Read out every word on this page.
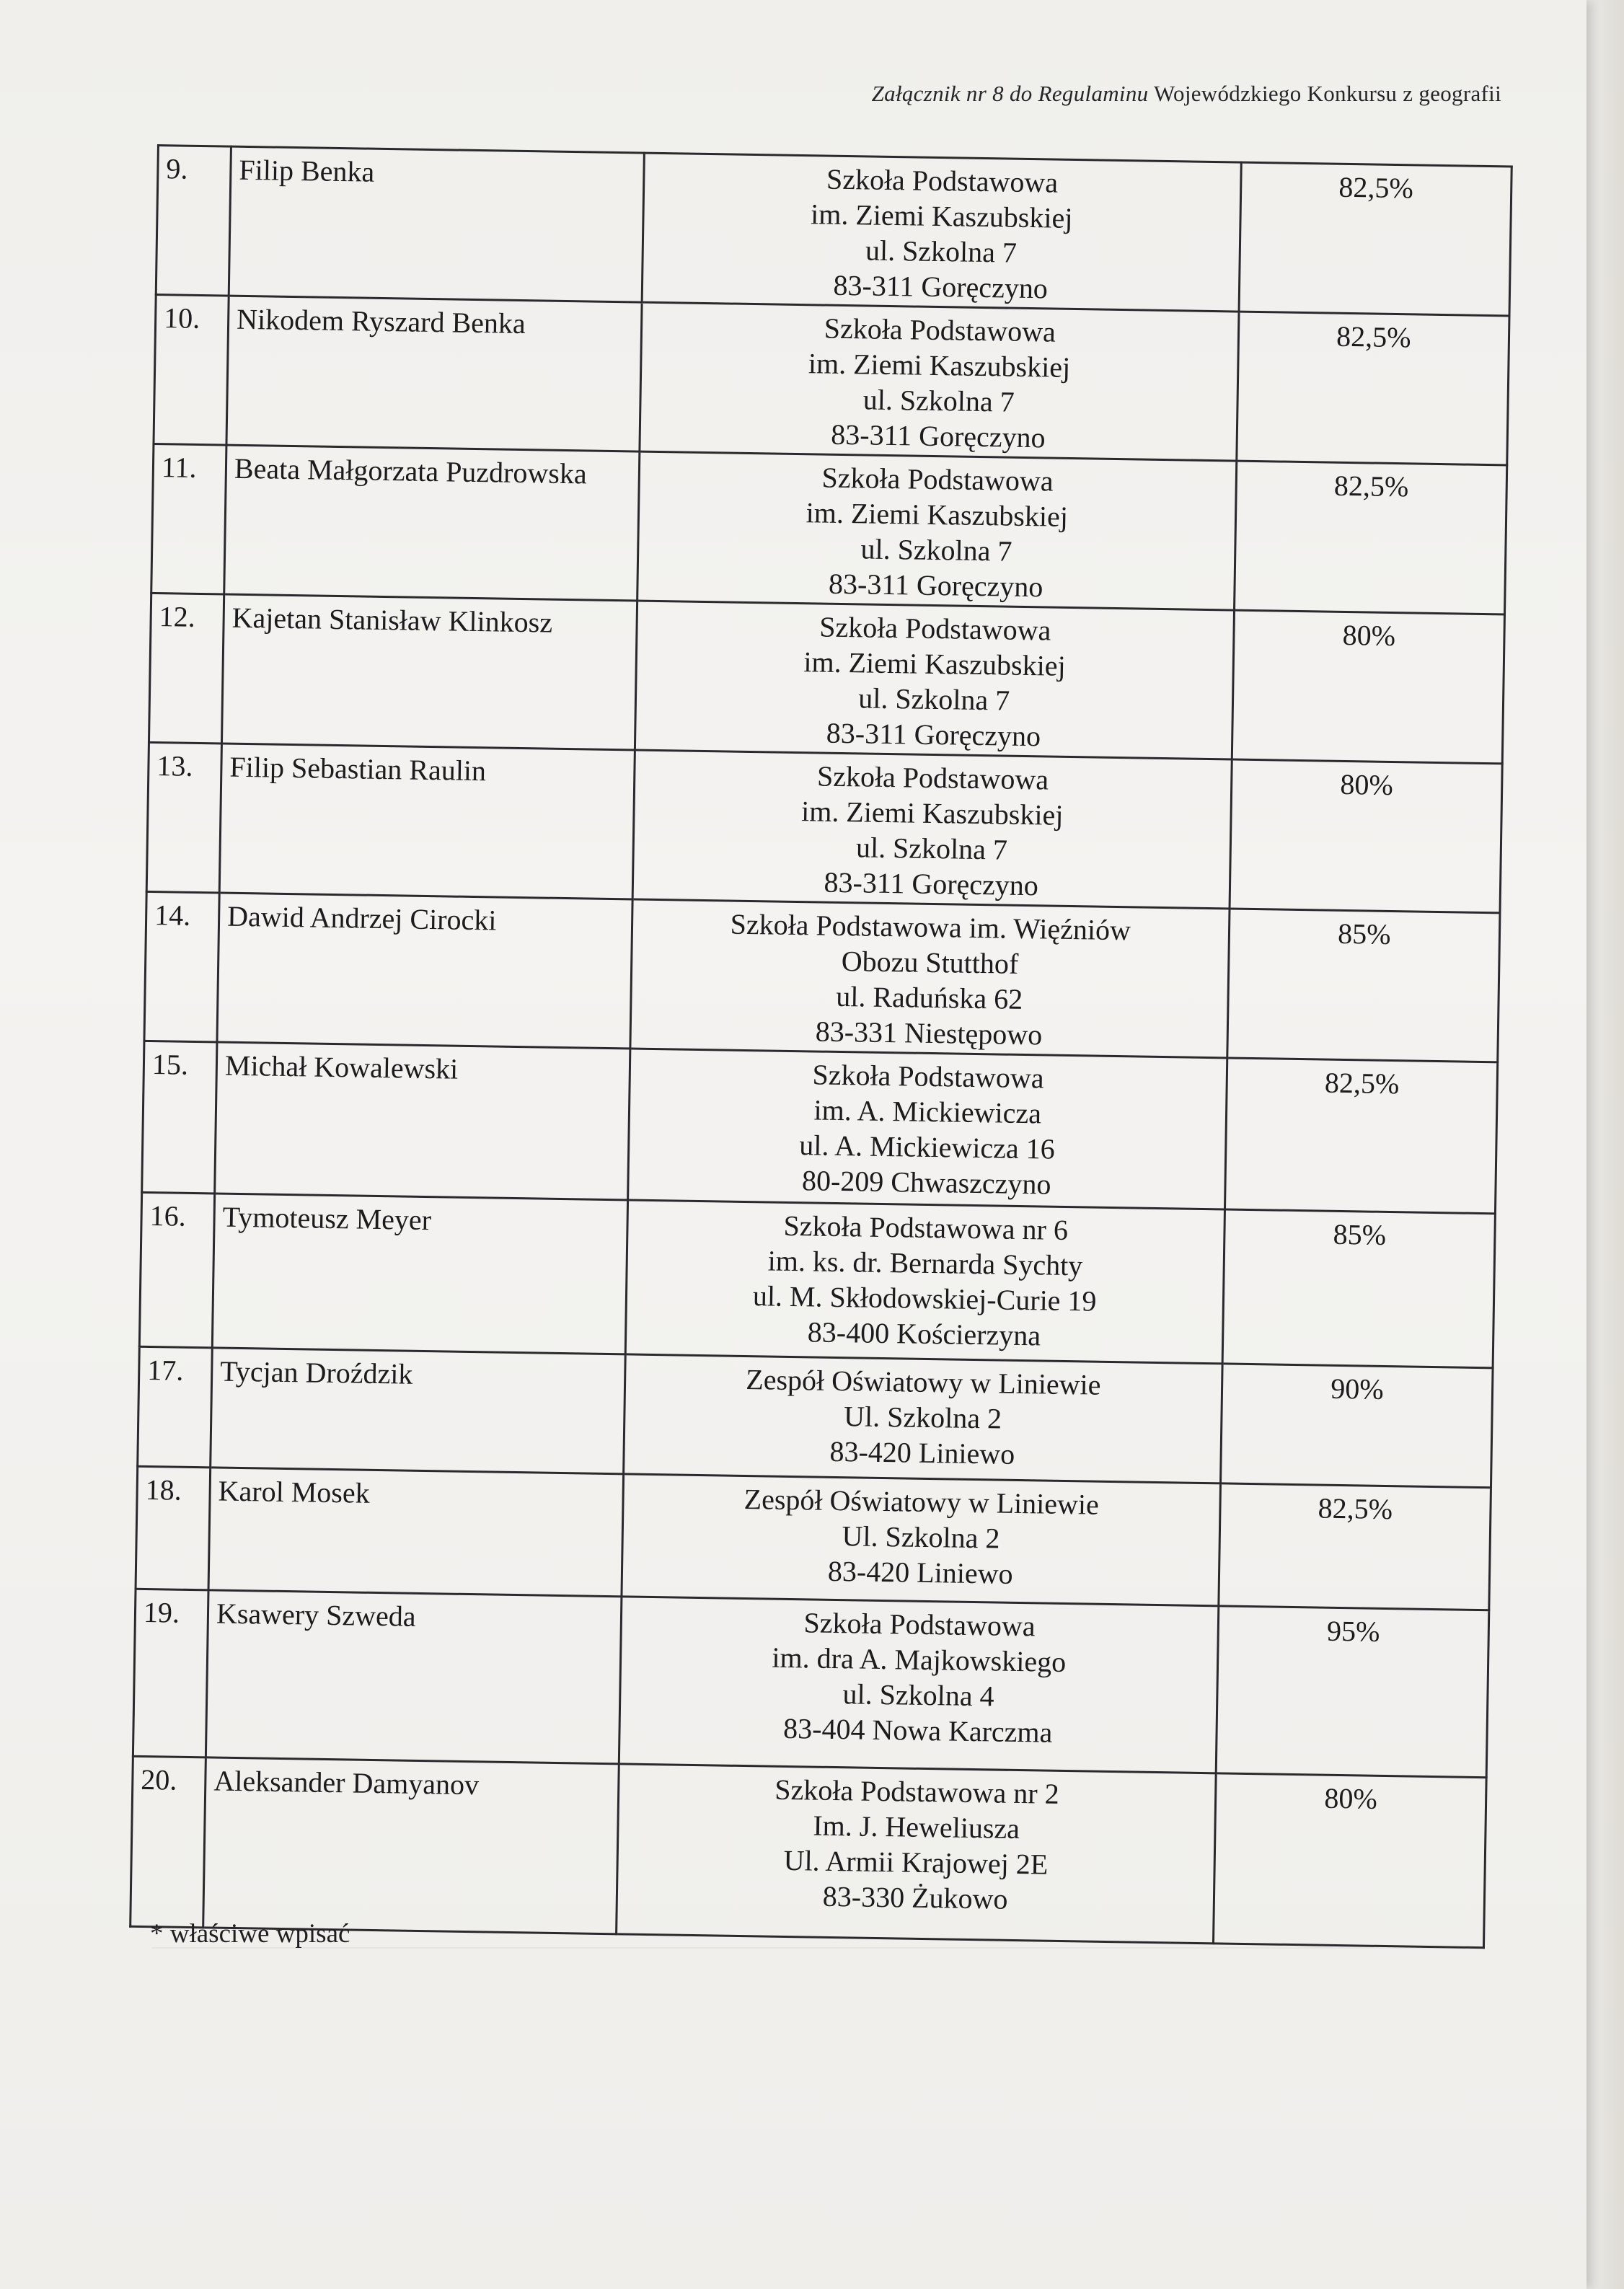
Załącznik nr 8 do Regulaminu Wojewódzkiego Konkursu z geografii
9.	Filip Benka	Szkoła Podstawowa
im. Ziemi Kaszubskiej
ul. Szkolna 7
83-311 Goręczyno	82,5%
10.	Nikodem Ryszard Benka	Szkoła Podstawowa
im. Ziemi Kaszubskiej
ul. Szkolna 7
83-311 Goręczyno	82,5%
11.	Beata Małgorzata Puzdrowska	Szkoła Podstawowa
im. Ziemi Kaszubskiej
ul. Szkolna 7
83-311 Goręczyno	82,5%
12.	Kajetan Stanisław Klinkosz	Szkoła Podstawowa
im. Ziemi Kaszubskiej
ul. Szkolna 7
83-311 Goręczyno	80%
13.	Filip Sebastian Raulin	Szkoła Podstawowa
im. Ziemi Kaszubskiej
ul. Szkolna 7
83-311 Goręczyno	80%
14.	Dawid Andrzej Cirocki	Szkoła Podstawowa im. Więźniów
Obozu Stutthof
ul. Raduńska 62
83-331 Niestępowo	85%
15.	Michał Kowalewski	Szkoła Podstawowa
im. A. Mickiewicza
ul. A. Mickiewicza 16
80-209 Chwaszczyno	82,5%
16.	Tymoteusz Meyer	Szkoła Podstawowa nr 6
im. ks. dr. Bernarda Sychty
ul. M. Skłodowskiej-Curie 19
83-400 Kościerzyna	85%
17.	Tycjan Droździk	Zespół Oświatowy w Liniewie
Ul. Szkolna 2
83-420 Liniewo	90%
18.	Karol Mosek	Zespół Oświatowy w Liniewie
Ul. Szkolna 2
83-420 Liniewo	82,5%
19.	Ksawery Szweda	Szkoła Podstawowa
im. dra A. Majkowskiego
ul. Szkolna 4
83-404 Nowa Karczma	95%
20.	Aleksander Damyanov	Szkoła Podstawowa nr 2
Im. J. Heweliusza
Ul. Armii Krajowej 2E
83-330 Żukowo	80%
* właściwe wpisać
